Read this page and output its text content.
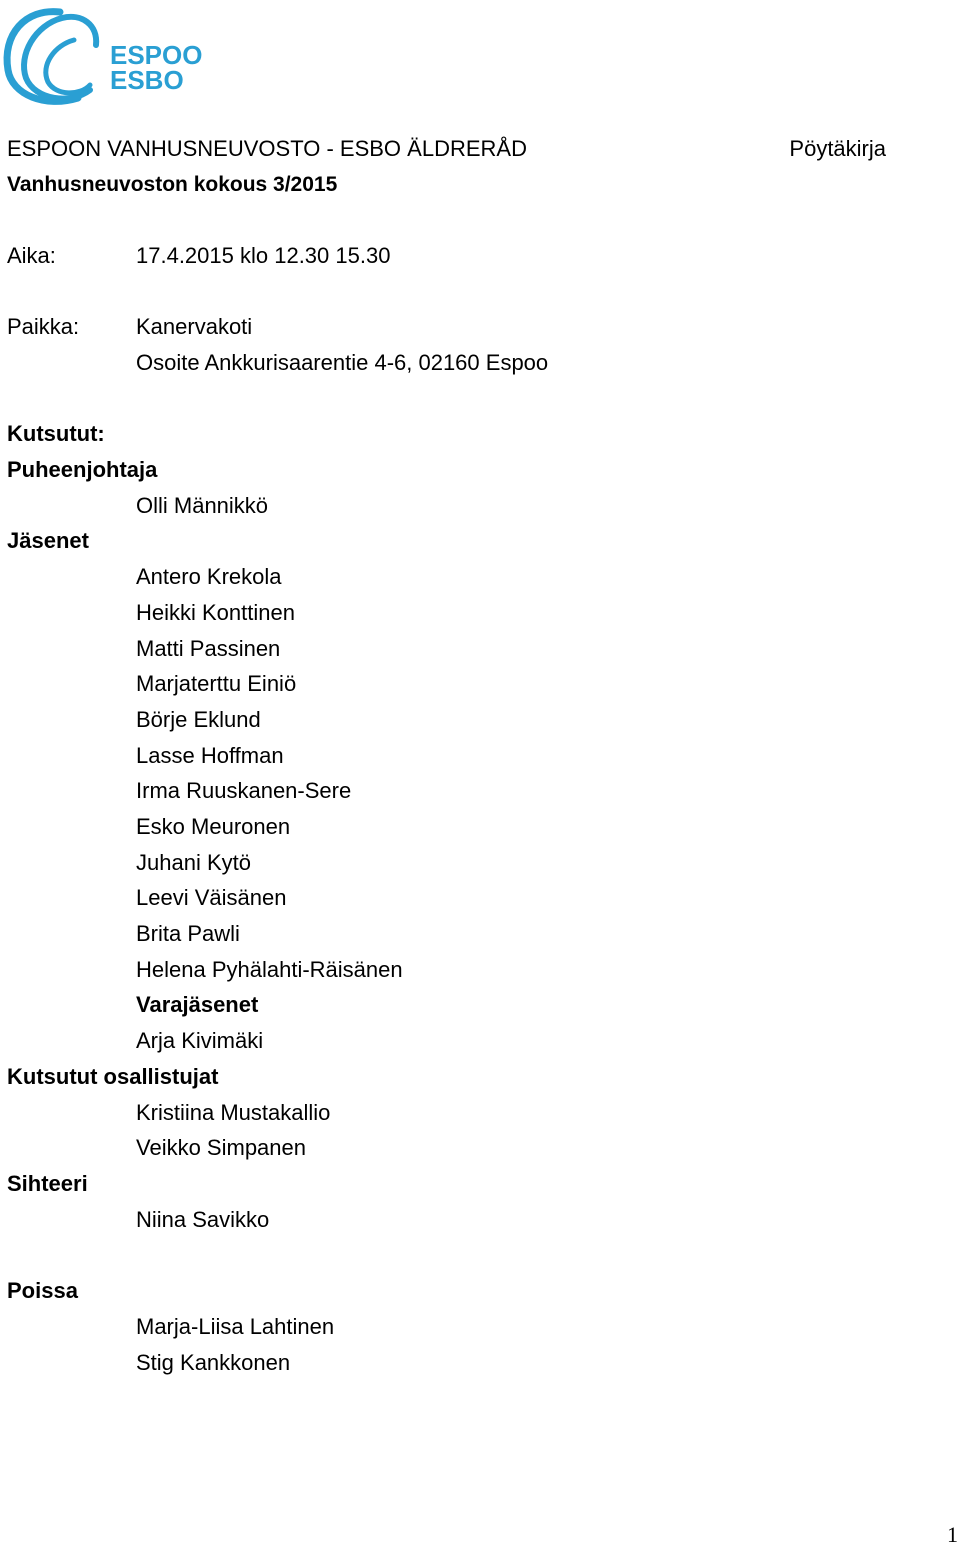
ESPOO
ESBO
ESPOON VANHUSNEUVOSTO - ESBO ÄLDRERÅD	Pöytäkirja
Vanhusneuvoston kokous 3/2015
Aika:	17.4.2015 klo 12.30 15.30
Paikka:	Kanervakoti
Osoite Ankkurisaarentie 4-6, 02160 Espoo
Kutsutut:
Puheenjohtaja
Olli Männikkö
Jäsenet
Antero Krekola
Heikki Konttinen
Matti Passinen
Marjaterttu Einiö
Börje Eklund
Lasse Hoffman
Irma Ruuskanen-Sere
Esko Meuronen
Juhani Kytö
Leevi Väisänen
Brita Pawli
Helena Pyhälahti-Räisänen
Varajäsenet
Arja Kivimäki
Kutsutut osallistujat
Kristiina Mustakallio
Veikko Simpanen
Sihteeri
Niina Savikko
Poissa
Marja-Liisa Lahtinen
Stig Kankkonen
1
